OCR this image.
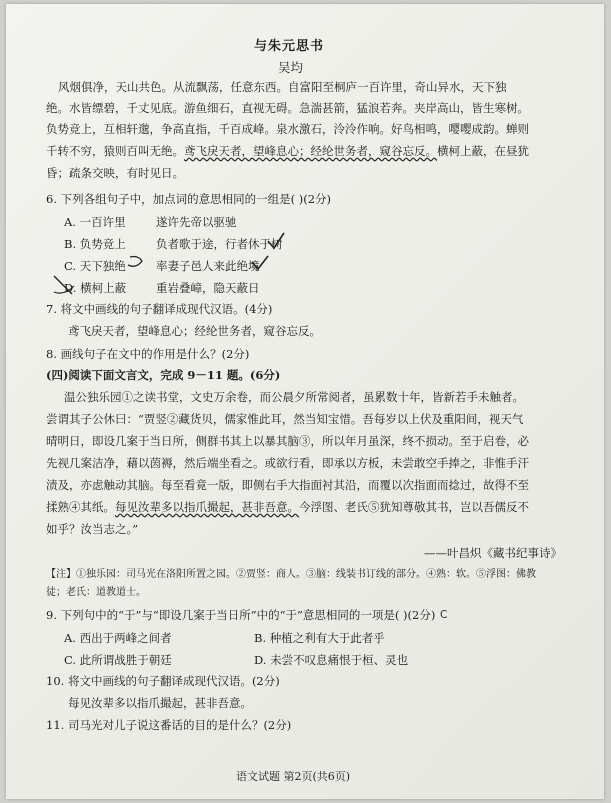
与朱元思书
吴均
风烟俱净，天山共色。从流飘荡，任意东西。自富阳至桐庐一百许里，奇山异水，天下独
绝。水皆缥碧，千丈见底。游鱼细石，直视无碍。急湍甚箭，猛浪若奔。夹岸高山，皆生寒树。
负势竞上，互相轩邈，争高直指，千百成峰。泉水激石，泠泠作响。好鸟相鸣，嘤嘤成韵。蝉则
千转不穷，猿则百叫无绝。鸢飞戾天者，望峰息心；经纶世务者，窥谷忘反。横柯上蔽，在昼犹
昏；疏条交映，有时见日。
6. 下列各组句子中，加点词的意思相同的一组是( )(2分)
A. 一百许里	遂许先帝以驱驰
B. 负势竞上	负者歌于途，行者休于树
C. 天下独绝	率妻子邑人来此绝境
D. 横柯上蔽	重岩叠嶂，隐天蔽日
7. 将文中画线的句子翻译成现代汉语。(4分)
鸢飞戾天者，望峰息心；经纶世务者，窥谷忘反。
8. 画线句子在文中的作用是什么？(2分)
(四)阅读下面文言文，完成 9－11 题。(6分)
温公独乐园①之读书堂，文史万余卷，而公晨夕所常阅者，虽累数十年，皆新若手未触者。
尝谓其子公休曰：“贾竖②藏货贝，儒家惟此耳，然当知宝惜。吾每岁以上伏及重阳间，视天气
晴明日，即设几案于当日所，侧群书其上以暴其脑③，所以年月虽深，终不损动。至于启卷，必
先视几案洁净，藉以茵褥，然后端坐看之。或欲行看，即承以方板，未尝敢空手捧之，非惟手汗
渍及，亦虑触动其脑。每至看竟一版，即侧右手大指面衬其沿，而覆以次指面而捻过，故得不至
揉熟④其纸。每见汝辈多以指爪撮起，甚非吾意。今浮图、老氏⑤犹知尊敬其书，岂以吾儒反不
如乎？汝当志之。”
——叶昌炽《藏书纪事诗》
【注】①独乐园：司马光在洛阳所置之园。②贾竖：商人。③脑：线装书订线的部分。④熟：软。⑤浮图：佛教
徒；老氏：道教道士。
9. 下列句中的“于”与“即设几案于当日所”中的“于”意思相同的一项是( )(2分) C
A. 西出于两峰之间者	B. 种植之利有大于此者乎
C. 此所谓战胜于朝廷	D. 未尝不叹息痛恨于桓、灵也
10. 将文中画线的句子翻译成现代汉语。(2分)
每见汝辈多以指爪撮起，甚非吾意。
11. 司马光对儿子说这番话的目的是什么？(2分)
语文试题 第2页(共6页)
